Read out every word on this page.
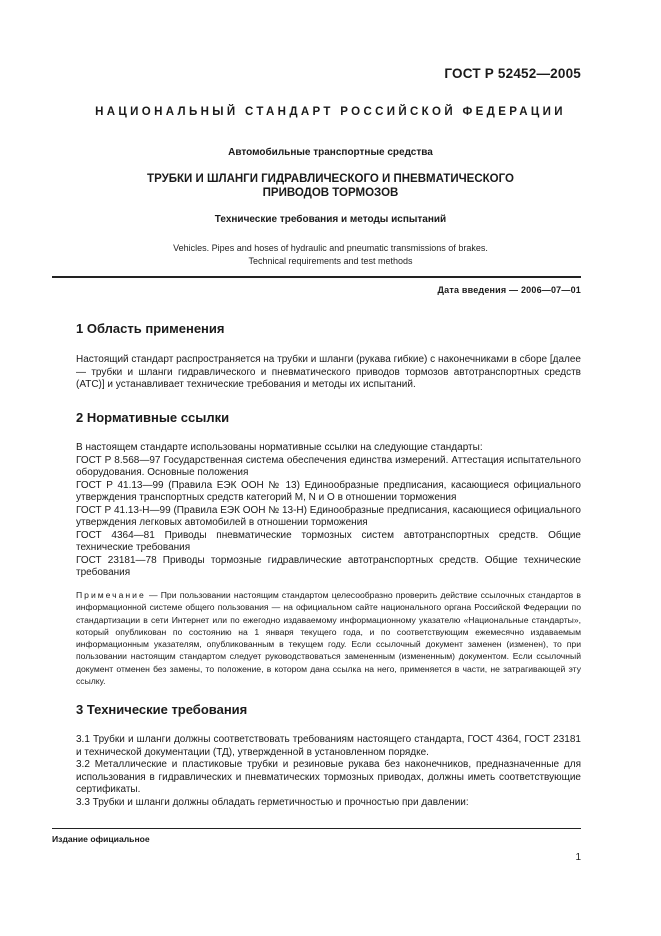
ГОСТ Р 52452—2005
НАЦИОНАЛЬНЫЙ СТАНДАРТ РОССИЙСКОЙ ФЕДЕРАЦИИ
Автомобильные транспортные средства
ТРУБКИ И ШЛАНГИ ГИДРАВЛИЧЕСКОГО И ПНЕВМАТИЧЕСКОГО
ПРИВОДОВ ТОРМОЗОВ
Технические требования и методы испытаний
Vehicles. Pipes and hoses of hydraulic and pneumatic transmissions of brakes.
Technical requirements and test methods
Дата введения — 2006—07—01
1 Область применения

Настоящий стандарт распространяется на трубки и шланги (рукава гибкие) с наконечниками в сборе [далее — трубки и шланги гидравлического и пневматического приводов тормозов автотранспортных средств (АТС)] и устанавливает технические требования и методы их испытаний.

2 Нормативные ссылки

В настоящем стандарте использованы нормативные ссылки на следующие стандарты:

ГОСТ Р 8.568—97 Государственная система обеспечения единства измерений. Аттестация испытательного оборудования. Основные положения

ГОСТ Р 41.13—99 (Правила ЕЭК ООН № 13) Единообразные предписания, касающиеся официального утверждения транспортных средств категорий M, N и O в отношении торможения

ГОСТ Р 41.13-Н—99 (Правила ЕЭК ООН № 13-Н) Единообразные предписания, касающиеся официального утверждения легковых автомобилей в отношении торможения

ГОСТ 4364—81 Приводы пневматические тормозных систем автотранспортных средств. Общие технические требования

ГОСТ 23181—78 Приводы тормозные гидравлические автотранспортных средств. Общие технические требования

Примечание — При пользовании настоящим стандартом целесообразно проверить действие ссылочных стандартов в информационной системе общего пользования — на официальном сайте национального органа Российской Федерации по стандартизации в сети Интернет или по ежегодно издаваемому информационному указателю «Национальные стандарты», который опубликован по состоянию на 1 января текущего года, и по соответствующим ежемесячно издаваемым информационным указателям, опубликованным в текущем году. Если ссылочный документ заменен (изменен), то при пользовании настоящим стандартом следует руководствоваться замененным (измененным) документом. Если ссылочный документ отменен без замены, то положение, в котором дана ссылка на него, применяется в части, не затрагивающей эту ссылку.
3 Технические требования

3.1 Трубки и шланги должны соответствовать требованиям настоящего стандарта, ГОСТ 4364, ГОСТ 23181 и технической документации (ТД), утвержденной в установленном порядке.

3.2 Металлические и пластиковые трубки и резиновые рукава без наконечников, предназначенные для использования в гидравлических и пневматических тормозных приводах, должны иметь соответствующие сертификаты.

3.3 Трубки и шланги должны обладать герметичностью и прочностью при давлении:

Издание официальное
1
